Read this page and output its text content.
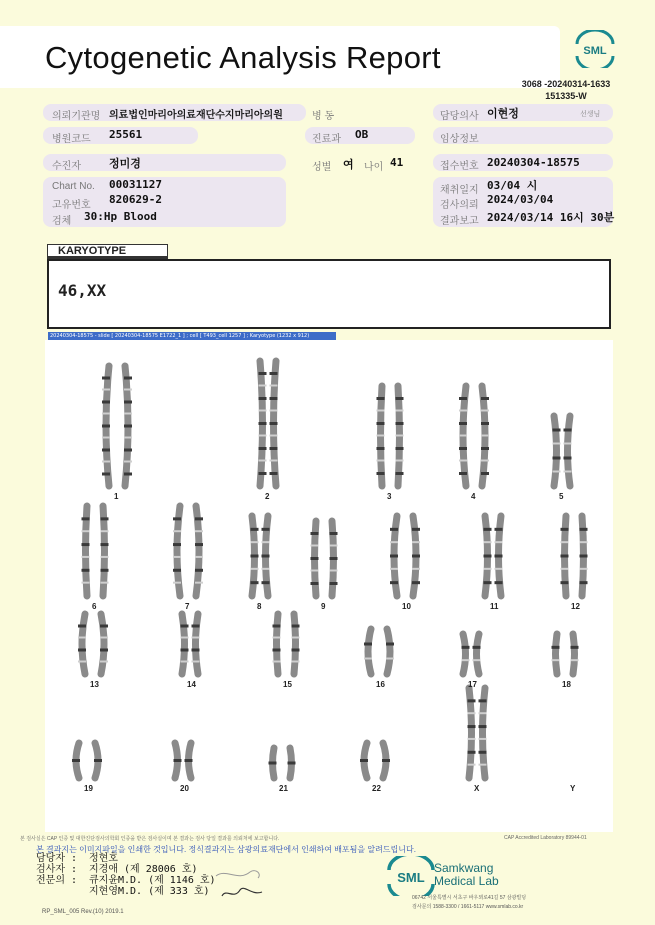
Cytogenetic Analysis Report	SML
3068 -20240314-1633
151335-W
의뢰기관명 의료법인마리아의료재단수지마리아의원	병 동	담당의사 이현정	선생님
병원코드 25561	진료과 OB	임상정보
수진자	정미경	성별 여 나이 41	접수번호 20240304-18575
Chart No. 00031127
고유번호 820629-2
검체 30:Hp Blood
채취일지 03/04 시
검사의뢰 2024/03/04
결과보고 2024/03/14 16시 30분
KARYOTYPE
46,XX
20240304-18575 - slide [ 20240304-18575 E1722_1 ] ; cell [ T493_cell 1257 ] ; Karyotype (1232 x 912)
1	2	3	4	5
6	7	8	9	10	11	12
13	14	15	16	17	18
19	20	21	22	X	Y
본 검사실은 CAP 인증 및 대한진단검사의학회 인증을 받은 검사실이며 본 결과는 검사 당일 결과를 의뢰처에 보고합니다.	CAP Accredited Laboratory 89944-01
본 결과지는 이미지파일을 인쇄한 것입니다. 정식결과지는 삼광의료재단에서 인쇄하여 배포됨을 알려드립니다.
담당자 : 정현호
검사자 : 지경애 (제 28006 호)
전문의 : 큐지윤M.D. (제 1146 호)
지현영M.D. (제 333 호)
SML
Samkwang
Medical Lab
06742 서울특별시 서초구 바우뫼로41길 57 삼광빌딩
검사문의 1588-3300 / 1661-5117 www.smlab.co.kr
RP_SML_005 Rev.(10) 2019.1
